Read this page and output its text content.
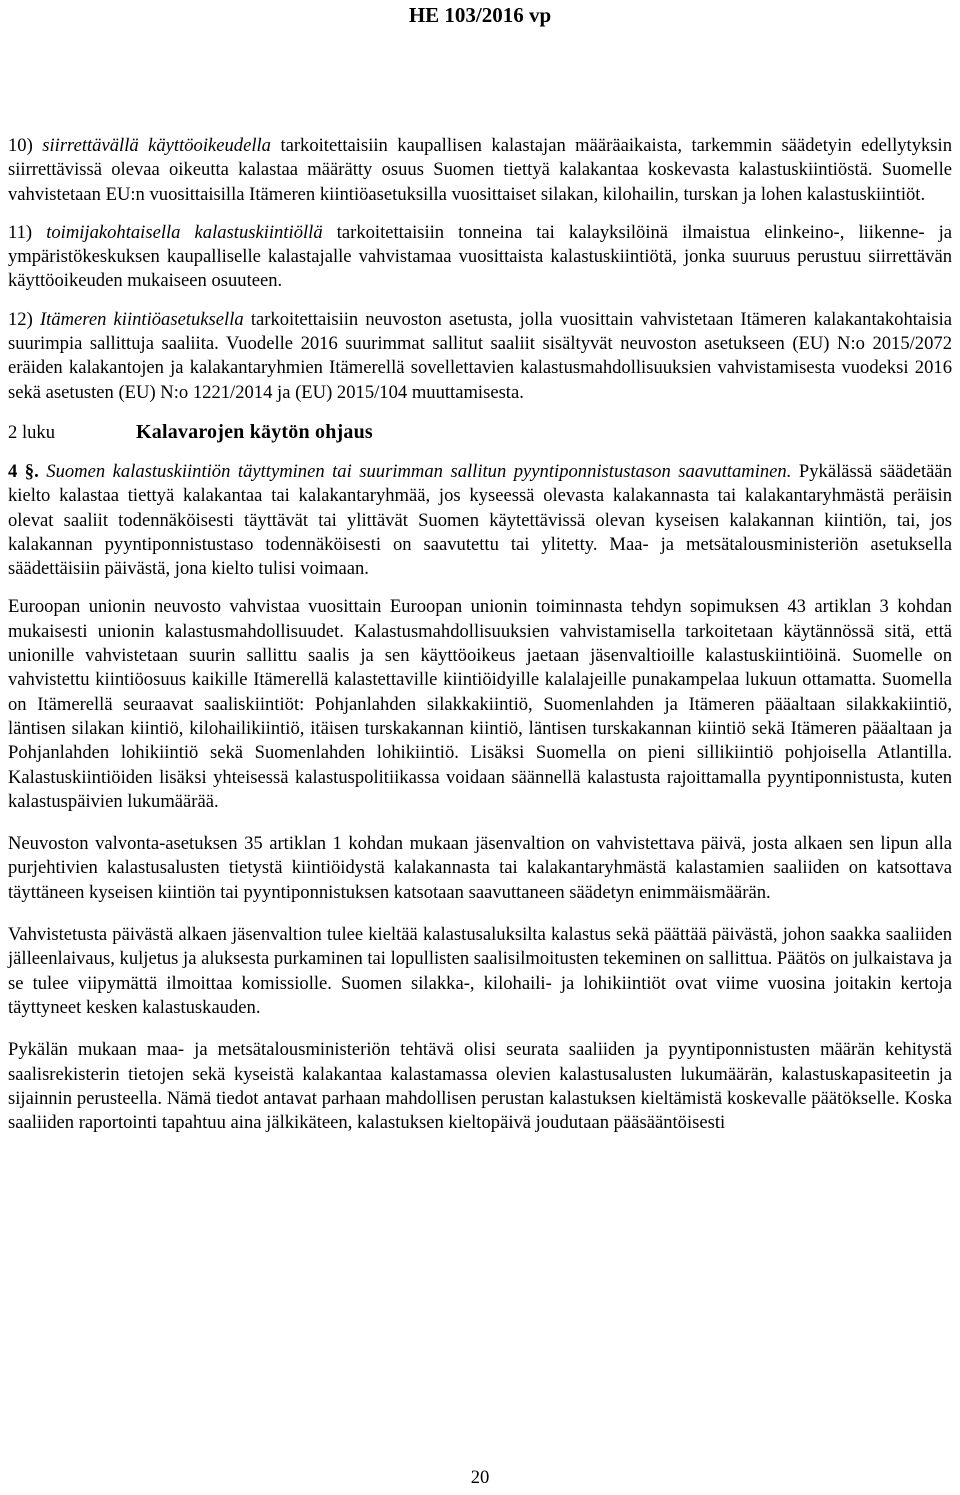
HE 103/2016 vp

10) siirrettävällä käyttöoikeudella tarkoitettaisiin kaupallisen kalastajan määräaikaista, tarkemmin säädetyin edellytyksin siirrettävissä olevaa oikeutta kalastaa määrätty osuus Suomen tiettyä kalakantaa koskevasta kalastuskiintiöstä. Suomelle vahvistetaan EU:n vuosittaisilla Itämeren kiintiöasetuksilla vuosittaiset silakan, kilohailin, turskan ja lohen kalastuskiintiöt.

11) toimijakohtaisella kalastuskiintiöllä tarkoitettaisiin tonneina tai kalayksilöinä ilmaistua elinkeino-, liikenne- ja ympäristökeskuksen kaupalliselle kalastajalle vahvistamaa vuosittaista kalastuskiintiötä, jonka suuruus perustuu siirrettävän käyttöoikeuden mukaiseen osuuteen.

12) Itämeren kiintiöasetuksella tarkoitettaisiin neuvoston asetusta, jolla vuosittain vahvistetaan Itämeren kalakantakohtaisia suurimpia sallittuja saaliita. Vuodelle 2016 suurimmat sallitut saaliit sisältyvät neuvoston asetukseen (EU) N:o 2015/2072 eräiden kalakantojen ja kalakantaryhmien Itämerellä sovellettavien kalastusmahdollisuuksien vahvistamisesta vuodeksi 2016 sekä asetusten (EU) N:o 1221/2014 ja (EU) 2015/104 muuttamisesta.

2 luku	Kalavarojen käytön ohjaus

4 §. Suomen kalastuskiintiön täyttyminen tai suurimman sallitun pyyntiponnistustason saavuttaminen. Pykälässä säädetään kielto kalastaa tiettyä kalakantaa tai kalakantaryhmää, jos kyseessä olevasta kalakannasta tai kalakantaryhmästä peräisin olevat saaliit todennäköisesti täyttävät tai ylittävät Suomen käytettävissä olevan kyseisen kalakannan kiintiön, tai, jos kalakannan pyyntiponnistustaso todennäköisesti on saavutettu tai ylitetty. Maa- ja metsätalousministeriön asetuksella säädettäisiin päivästä, jona kielto tulisi voimaan.

Euroopan unionin neuvosto vahvistaa vuosittain Euroopan unionin toiminnasta tehdyn sopimuksen 43 artiklan 3 kohdan mukaisesti unionin kalastusmahdollisuudet. Kalastusmahdollisuuksien vahvistamisella tarkoitetaan käytännössä sitä, että unionille vahvistetaan suurin sallittu saalis ja sen käyttöoikeus jaetaan jäsenvaltioille kalastuskiintiöinä. Suomelle on vahvistettu kiintiöosuus kaikille Itämerellä kalastettaville kiintiöidyille kalalajeille punakampelaa lukuun ottamatta. Suomella on Itämerellä seuraavat saaliskiintiöt: Pohjanlahden silakkakiintiö, Suomenlahden ja Itämeren pääaltaan silakkakiintiö, läntisen silakan kiintiö, kilohailikiintiö, itäisen turskakannan kiintiö, läntisen turskakannan kiintiö sekä Itämeren pääaltaan ja Pohjanlahden lohikiintiö sekä Suomenlahden lohikiintiö. Lisäksi Suomella on pieni sillikiintiö pohjoisella Atlantilla. Kalastuskiintiöiden lisäksi yhteisessä kalastuspolitiikassa voidaan säännellä kalastusta rajoittamalla pyyntiponnistusta, kuten kalastuspäivien lukumäärää.

Neuvoston valvonta-asetuksen 35 artiklan 1 kohdan mukaan jäsenvaltion on vahvistettava päivä, josta alkaen sen lipun alla purjehtivien kalastusalusten tietystä kiintiöidystä kalakannasta tai kalakantaryhmästä kalastamien saaliiden on katsottava täyttäneen kyseisen kiintiön tai pyyntiponnistuksen katsotaan saavuttaneen säädetyn enimmäismäärän.

Vahvistetusta päivästä alkaen jäsenvaltion tulee kieltää kalastusaluksilta kalastus sekä päättää päivästä, johon saakka saaliiden jälleenlaivaus, kuljetus ja aluksesta purkaminen tai lopullisten saalisilmoitusten tekeminen on sallittua. Päätös on julkaistava ja se tulee viipymättä ilmoittaa komissiolle. Suomen silakka-, kilohaili- ja lohikiintiöt ovat viime vuosina joitakin kertoja täyttyneet kesken kalastuskauden.

Pykälän mukaan maa- ja metsätalousministeriön tehtävä olisi seurata saaliiden ja pyyntiponnistusten määrän kehitystä saalisrekisterin tietojen sekä kyseistä kalakantaa kalastamassa olevien kalastusalusten lukumäärän, kalastuskapasiteetin ja sijainnin perusteella. Nämä tiedot antavat parhaan mahdollisen perustan kalastuksen kieltämistä koskevalle päätökselle. Koska saaliiden raportointi tapahtuu aina jälkikäteen, kalastuksen kieltopäivä joudutaan pääsääntöisesti

20
